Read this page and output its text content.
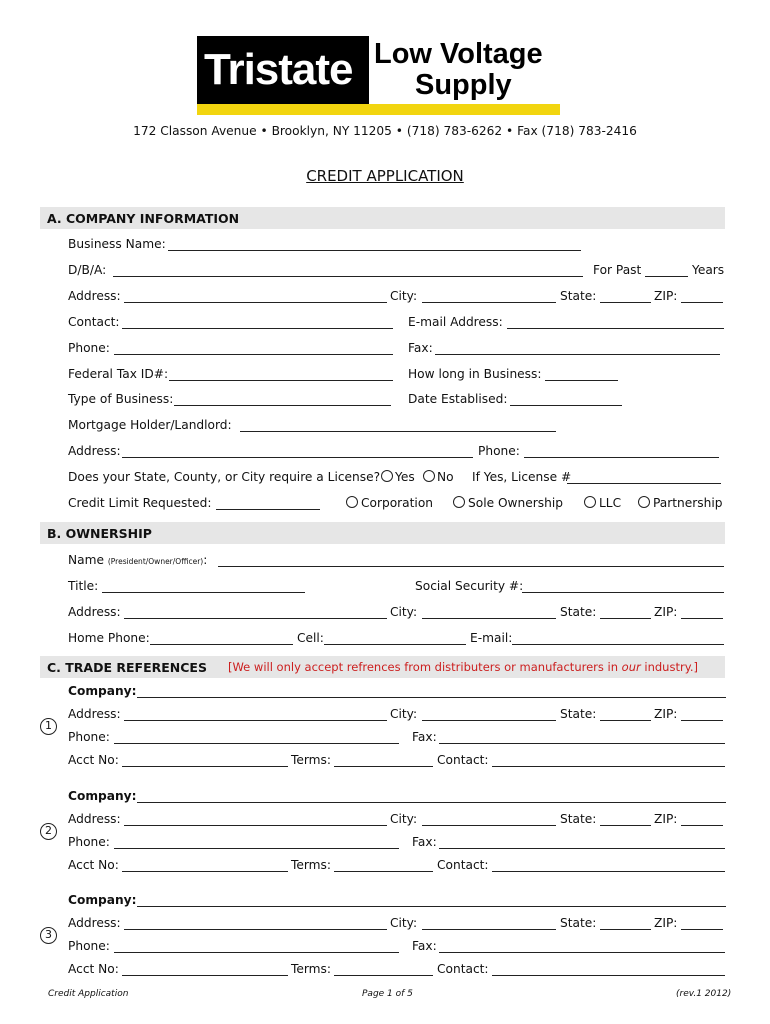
Tristate Low Voltage
Supply
172 Classon Avenue • Brooklyn, NY 11205 • (718) 783-6262 • Fax (718) 783-2416
CREDIT APPLICATION
A. COMPANY INFORMATION
Business Name:
D/B/A:	For Past	Years
Address:	City:	State:	ZIP:
Contact:	E-mail Address:
Phone:	Fax:
Federal Tax ID#:	How long in Business:
Type of Business:	Date Establised:
Mortgage Holder/Landlord:
Address:	Phone:
Does your State, County, or City require a License? Yes No If Yes, License #
Credit Limit Requested:	Corporation	Sole Ownership	LLC	Partnership
B. OWNERSHIP
Name (President/Owner/Officer):
Title:	Social Security #:
Address:	City:	State:	ZIP:
Home Phone:	Cell:	E-mail:
C. TRADE REFERENCES [We will only accept refrences from distributers or manufacturers in our industry.]
Company:
Address:	City:	State:	ZIP:
Phone:	Fax:
Acct No:	Terms:	Contact:
1
Company:
Address:	City:	State:	ZIP:
Phone:	Fax:
Acct No:	Terms:	Contact:
2
Company:
Address:	City:	State:	ZIP:
Phone:	Fax:
Acct No:	Terms:	Contact:
3
Credit Application	Page 1 of 5	(rev.1 2012)
